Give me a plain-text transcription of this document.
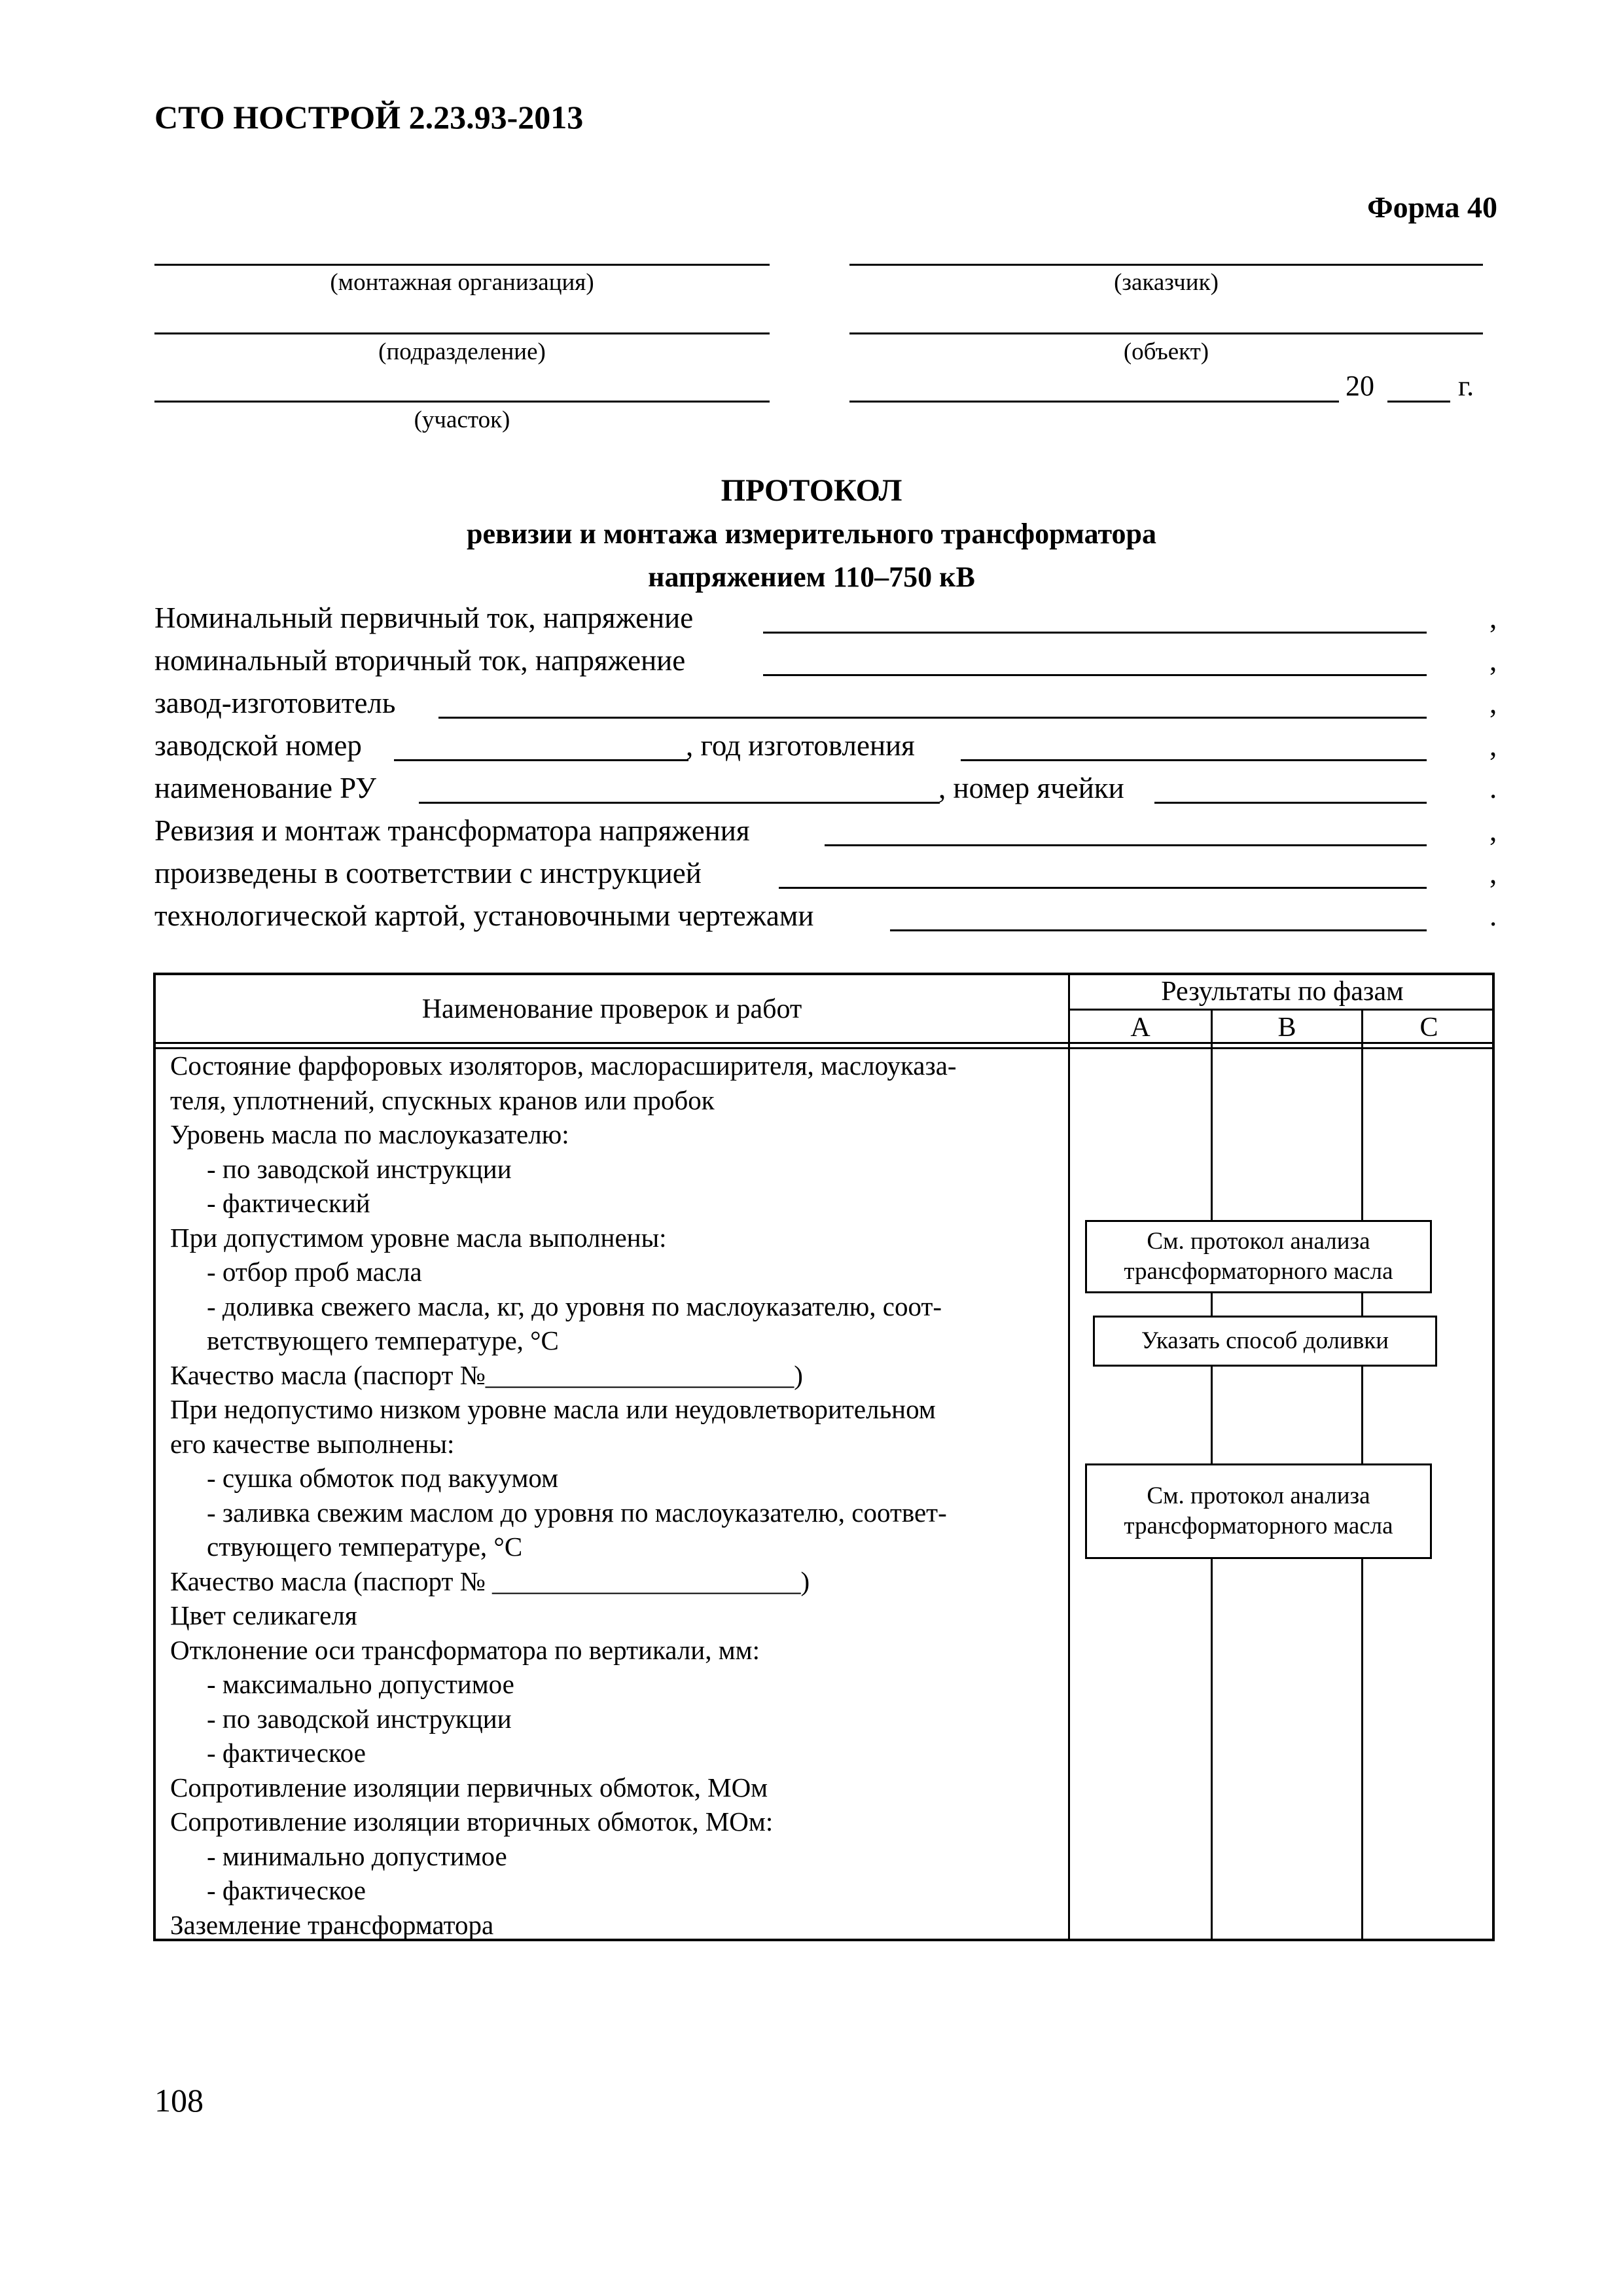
СТО НОСТРОЙ 2.23.93-2013
Форма 40
(монтажная организация)	(заказчик)
(подразделение)	(объект)
(участок)
20	г.
ПРОТОКОЛ
ревизии и монтажа измерительного трансформатора
напряжением 110–750 кВ
Номинальный первичный ток, напряжение	,
номинальный вторичный ток, напряжение	,
завод-изготовитель	,
заводской номер	, год изготовления	,
наименование РУ	, номер ячейки	.
Ревизия и монтаж трансформатора напряжения	,
произведены в соответствии с инструкцией	,
технологической картой, установочными чертежами	.
Наименование проверок и работ
Результаты по фазам
А	В	С
Состояние фарфоровых изоляторов, маслорасширителя, маслоуказа-
теля, уплотнений, спускных кранов или пробок
Уровень масла по маслоуказателю:
- по заводской инструкции
- фактический
При допустимом уровне масла выполнены:
- отбор проб масла
- доливка свежего масла, кг, до уровня по маслоуказателю, соот-
ветствующего температуре, °С
Качество масла (паспорт №_______________________)
При недопустимо низком уровне масла или неудовлетворительном
его качестве выполнены:
- сушка обмоток под вакуумом
- заливка свежим маслом до уровня по маслоуказателю, соответ-
ствующего температуре, °С
Качество масла (паспорт № _______________________)
Цвет селикагеля
Отклонение оси трансформатора по вертикали, мм:
- максимально допустимое
- по заводской инструкции
- фактическое
Сопротивление изоляции первичных обмоток, МОм
Сопротивление изоляции вторичных обмоток, МОм:
- минимально допустимое
- фактическое
Заземление трансформатора
См. протокол анализа
трансформаторного масла
Указать способ доливки
См. протокол анализа
трансформаторного масла
108
